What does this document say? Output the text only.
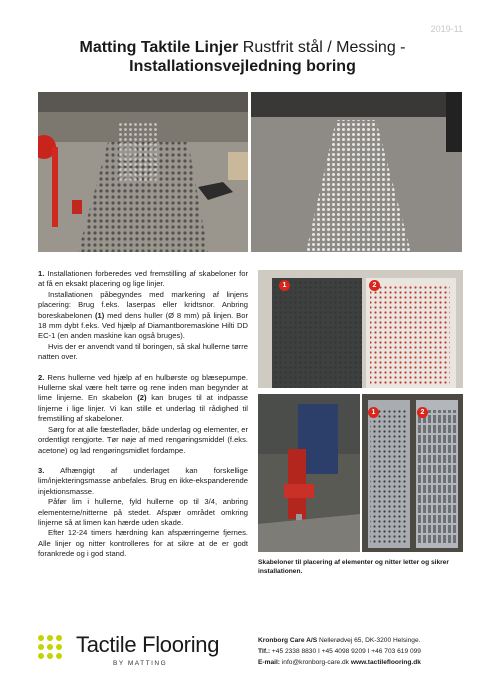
2019-11
Matting Taktile Linjer Rustfrit stål / Messing -
Installationsvejledning boring
1	2
1	2

1. Installationen forberedes ved fremstilling af skabeloner for at få en eksakt placering og lige linjer.

Installationen påbegyndes med markering af linjens placering: Brug f.eks. laserpas eller kridtsnor. Anbring boreskabelonen (1) med dens huller (Ø 8 mm) på linjen. Bor 18 mm dybt f.eks. Ved hjælp af Diamantboremaskine Hilti DD EC-1 (en anden maskine kan også bruges).

Hvis der er anvendt vand til boringen, så skal hullerne tørre natten over.

2. Rens hullerne ved hjælp af en hulbørste og blæsepumpe. Hullerne skal være helt tørre og rene inden man begynder at lime linjerne. En skabelon (2) kan bruges til at indpasse linjerne i lige linjer. Vi kan stille et underlag til rådighed til fremstilling af skabeloner.

Sørg for at alle fæsteflader, både underlag og elementer, er ordentligt rengjorte. Tør nøje af med rengøringsmiddel (f.eks. acetone) og lad rengøringsmidlet fordampe.

3. Afhængigt af underlaget kan forskellige lim/injekteringsmasse anbefales. Brug en ikke-ekspanderende injektionsmasse.

Påfør lim i hullerne, fyld hullerne op til 3/4, anbring elementerne/nitterne på stedet. Afspær området omkring linjerne så at limen kan hærde uden skade.

Efter 12-24 timers hærdning kan afspærringerne fjernes. Alle linjer og nitter kontrolleres for at sikre at de er godt forankrede og i god stand.

Skabeloner til placering af elementer og nitter letter og sikrer installationen.
Tactile Flooring
BY MATTING
Kronborg Care A/S Nellerødvej 65, DK-3200 Helsinge.
Tlf.: +45 2338 8830 I +45 4098 9209 I +46 703 619 099
E-mail: info@kronborg-care.dk www.tactileflooring.dk
